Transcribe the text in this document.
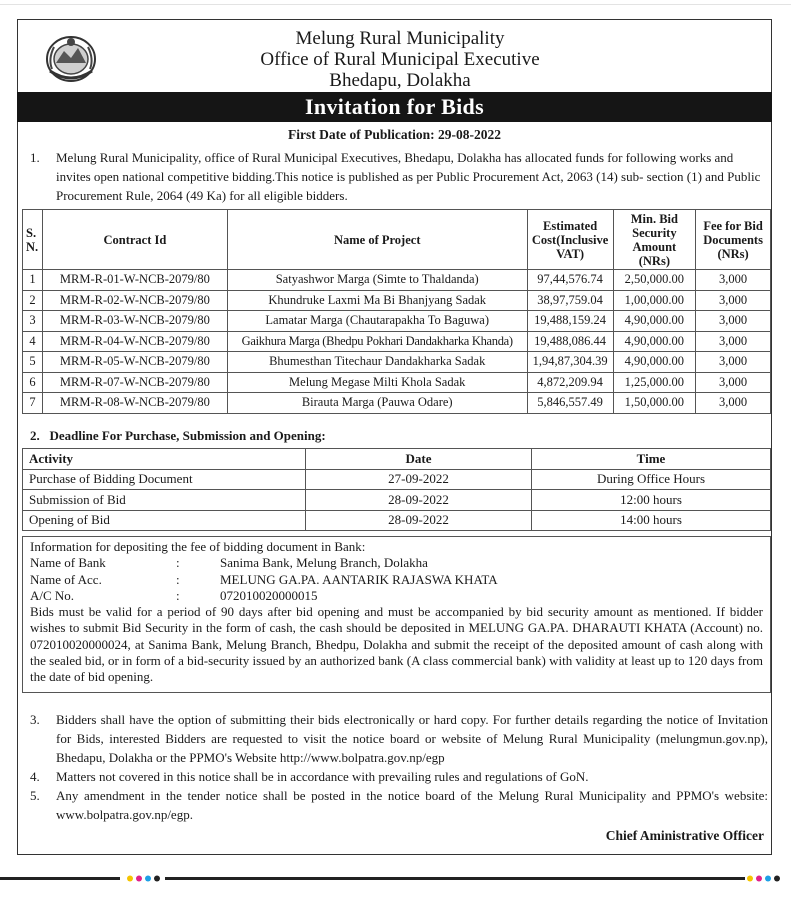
Melung Rural Municipality
Office of Rural Municipal Executive
Bhedapu, Dolakha
Invitation for Bids
First Date of Publication: 29-08-2022
1. Melung Rural Municipality, office of Rural Municipal Executives, Bhedapu, Dolakha has allocated funds for following works and invites open national competitive bidding.This notice is published as per Public Procurement Act, 2063 (14) sub- section (1) and Public Procurement Rule, 2064 (49 Ka) for all eligible bidders.
S. N.	Contract Id	Name of Project	Estimated Cost(Inclusive VAT)	Min. Bid Security Amount (NRs)	Fee for Bid Documents (NRs)
1	MRM-R-01-W-NCB-2079/80	Satyashwor Marga (Simte to Thaldanda)	97,44,576.74	2,50,000.00	3,000
2	MRM-R-02-W-NCB-2079/80	Khundruke Laxmi Ma Bi Bhanjyang Sadak	38,97,759.04	1,00,000.00	3,000
3	MRM-R-03-W-NCB-2079/80	Lamatar Marga (Chautarapakha To Baguwa)	19,488,159.24	4,90,000.00	3,000
4	MRM-R-04-W-NCB-2079/80	Gaikhura Marga (Bhedpu Pokhari Dandakharka Khanda)	19,488,086.44	4,90,000.00	3,000
5	MRM-R-05-W-NCB-2079/80	Bhumesthan Titechaur Dandakharka Sadak	1,94,87,304.39	4,90,000.00	3,000
6	MRM-R-07-W-NCB-2079/80	Melung Megase Milti Khola Sadak	4,872,209.94	1,25,000.00	3,000
7	MRM-R-08-W-NCB-2079/80	Birauta Marga (Pauwa Odare)	5,846,557.49	1,50,000.00	3,000
2.   Deadline For Purchase, Submission and Opening:
Activity	Date	Time
Purchase of Bidding Document	27-09-2022	During Office Hours
Submission of Bid	28-09-2022	12:00 hours
Opening of Bid	28-09-2022	14:00 hours
Information for depositing the fee of bidding document in Bank:
Name of Bank	:	Sanima Bank, Melung Branch, Dolakha
Name of Acc.	:	MELUNG GA.PA. AANTARIK RAJASWA KHATA
A/C No.	:	072010020000015
Bids must be valid for a period of 90 days after bid opening and must be accompanied by bid security amount as mentioned. If bidder wishes to submit Bid Security in the form of cash, the cash should be deposited in MELUNG GA.PA. DHARAUTI KHATA (Account) no. 072010020000024, at Sanima Bank, Melung Branch, Bhedpu, Dolakha and submit the receipt of the deposited amount of cash along with the sealed bid, or in form of a bid-security issued by an authorized bank (A class commercial bank) with validity at least up to 120 days from the date of bid opening.
3. Bidders shall have the option of submitting their bids electronically or hard copy. For further details regarding the notice of Invitation for Bids, interested Bidders are requested to visit the notice board or website of Melung Rural Municipality (melungmun.gov.np), Bhedapu, Dolakha or the PPMO's Website http://www.bolpatra.gov.np/egp
4. Matters not covered in this notice shall be in accordance with prevailing rules and regulations of GoN.
5. Any amendment in the tender notice shall be posted in the notice board of the Melung Rural Municipality and PPMO's website: www.bolpatra.gov.np/egp.
Chief Aministrative Officer
